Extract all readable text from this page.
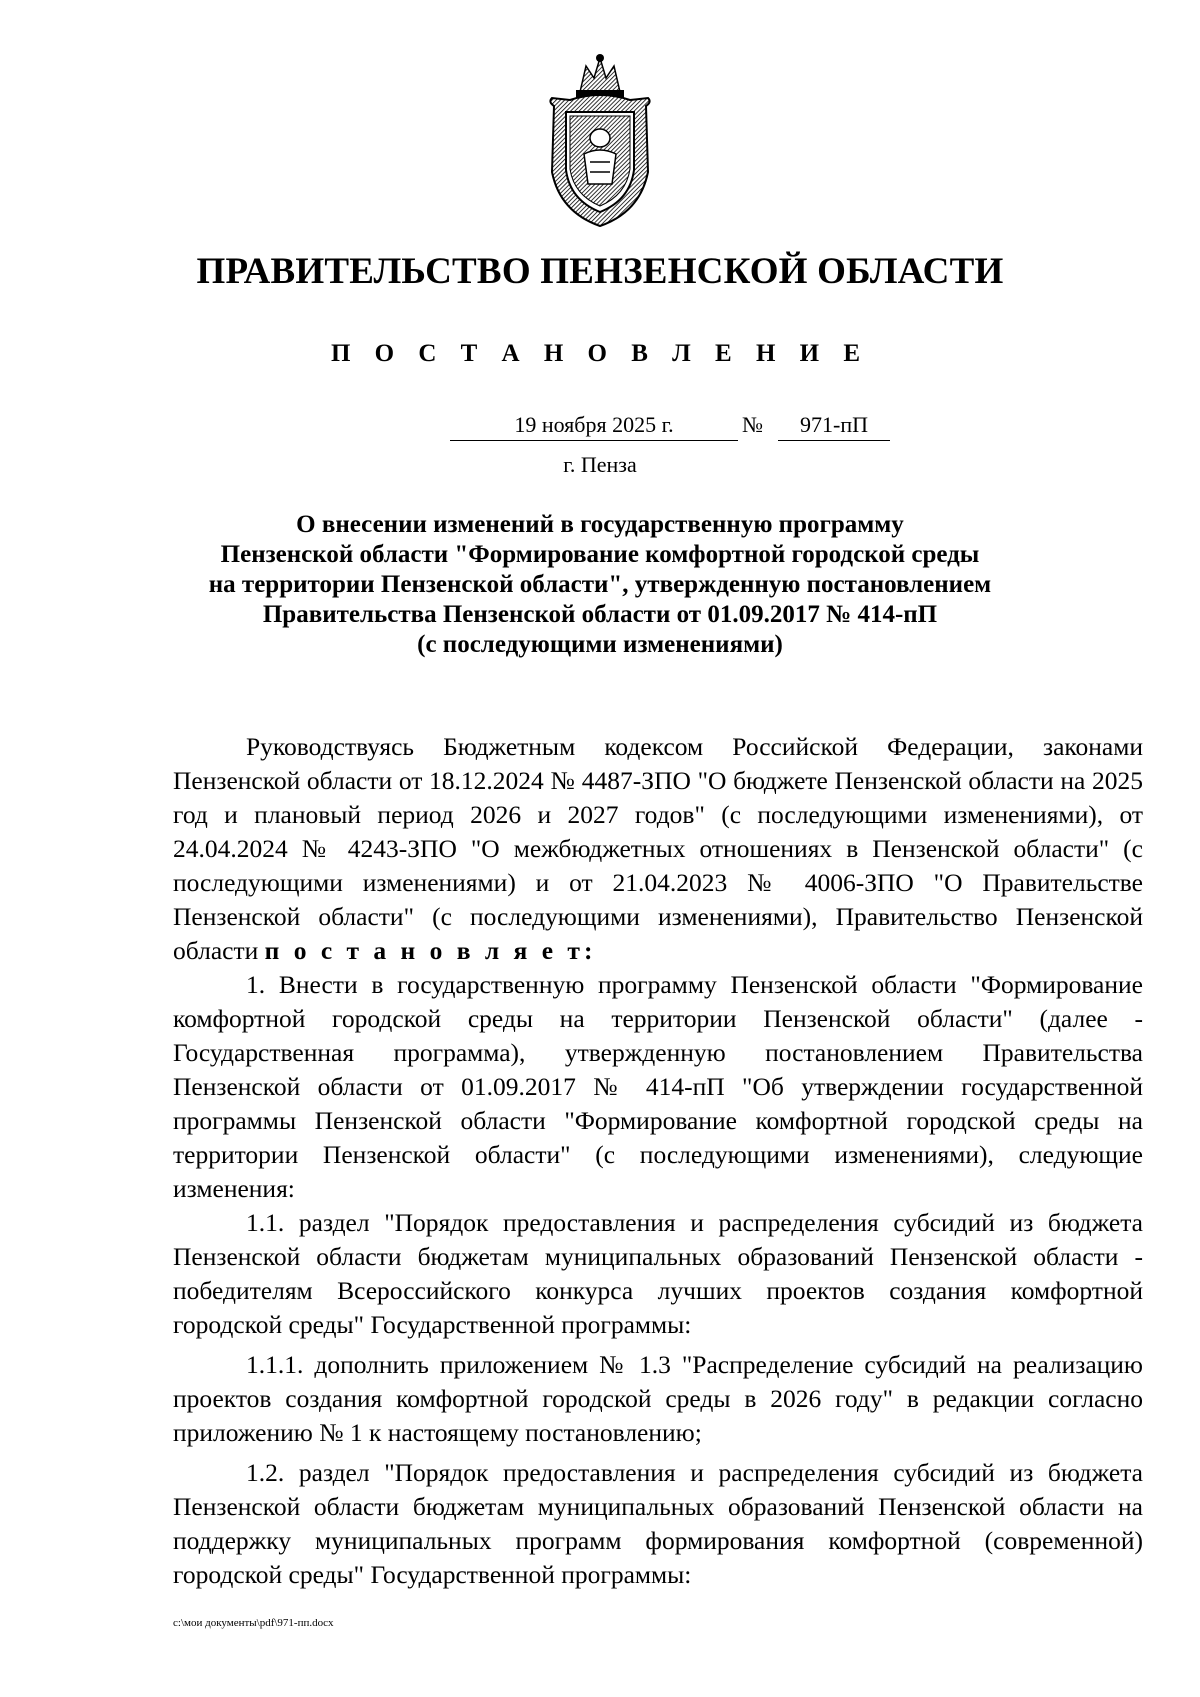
ПРАВИТЕЛЬСТВО ПЕНЗЕНСКОЙ ОБЛАСТИ
П О С Т А Н О В Л Е Н И Е
19 ноября 2025 г.	№	971-пП
г. Пенза
О внесении изменений в государственную программу
Пензенской области "Формирование комфортной городской среды
на территории Пензенской области", утвержденную постановлением
Правительства Пензенской области от 01.09.2017 № 414-пП
(с последующими изменениями)

Руководствуясь Бюджетным кодексом Российской Федерации, законами Пензенской области от 18.12.2024 № 4487-ЗПО "О бюджете Пензенской области на 2025 год и плановый период 2026 и 2027 годов" (с последующими изменениями), от 24.04.2024 № 4243-ЗПО "О межбюджетных отношениях в Пензенской области" (с последующими изменениями) и от 21.04.2023 № 4006-ЗПО "О Правительстве Пензенской области" (с последующими изменениями), Правительство Пензенской области п о с т а н о в л я е т:

1. Внести в государственную программу Пензенской области "Формирование комфортной городской среды на территории Пензенской области" (далее - Государственная программа), утвержденную постановлением Правительства Пензенской области от 01.09.2017 № 414-пП "Об утверждении государственной программы Пензенской области "Формирование комфортной городской среды на территории Пензенской области" (с последующими изменениями), следующие изменения:

1.1. раздел "Порядок предоставления и распределения субсидий из бюджета Пензенской области бюджетам муниципальных образований Пензенской области - победителям Всероссийского конкурса лучших проектов создания комфортной городской среды" Государственной программы:

1.1.1. дополнить приложением № 1.3 "Распределение субсидий на реализацию проектов создания комфортной городской среды в 2026 году" в редакции согласно приложению № 1 к настоящему постановлению;

1.2. раздел "Порядок предоставления и распределения субсидий из бюджета Пензенской области бюджетам муниципальных образований Пензенской области на поддержку муниципальных программ формирования комфортной (современной) городской среды" Государственной программы:

c:\мои документы\pdf\971-пп.docx
